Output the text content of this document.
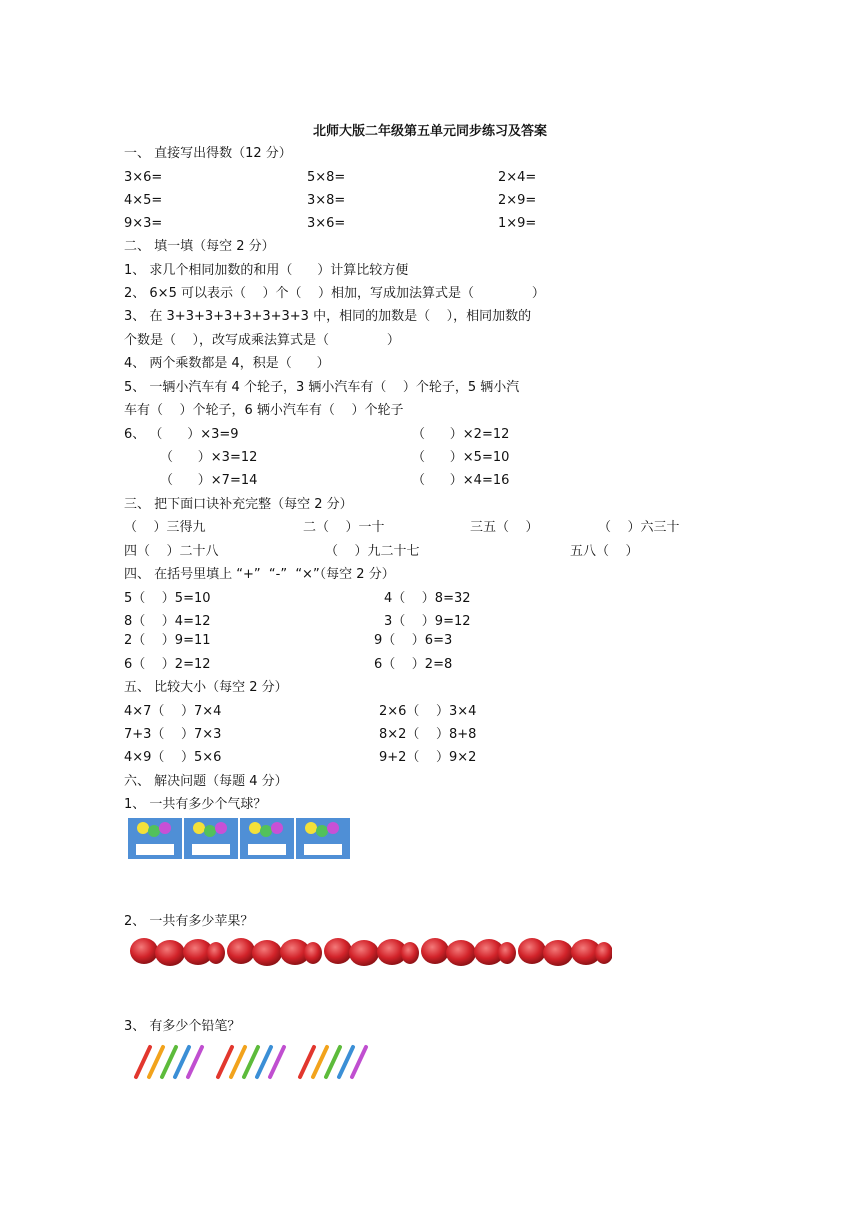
北师大版二年级第五单元同步练习及答案
一、 直接写出得数（12 分）
3×6=	5×8=	2×4=
4×5=	3×8=	2×9=
9×3=	3×6=	1×9=
二、 填一填（每空 2 分）
1、 求几个相同加数的和用（      ）计算比较方便
2、 6×5 可以表示（    ）个（    ）相加，写成加法算式是（              ）
3、 在 3+3+3+3+3+3+3+3 中，相同的加数是（    ），相同加数的
个数是（    ），改写成乘法算式是（              ）
4、 两个乘数都是 4，积是（      ）
5、 一辆小汽车有 4 个轮子，3 辆小汽车有（    ）个轮子，5 辆小汽
车有（    ）个轮子，6 辆小汽车有（    ）个轮子
6、 （      ）×3=9	（      ）×2=12
（      ）×3=12	（      ）×5=10
（      ）×7=14	（      ）×4=16
三、 把下面口诀补充完整（每空 2 分）
（    ）三得九	二（    ）一十	三五（    ）	（    ）六三十
四（    ）二十八	（    ）九二十七	五八（    ）
四、 在括号里填上 “+”  “-”  “×”（每空 2 分）
5（    ）5=10	4（    ）8=32
8（    ）4=12	3（    ）9=12
2（    ）9=11	9（    ）6=3
6（    ）2=12	6（    ）2=8
五、 比较大小（每空 2 分）
4×7（    ）7×4	2×6（    ）3×4
7+3（    ）7×3	8×2（    ）8+8
4×9（    ）5×6	9+2（    ）9×2
六、 解决问题（每题 4 分）
1、 一共有多少个气球？
2、 一共有多少苹果？
3、 有多少个铅笔？
